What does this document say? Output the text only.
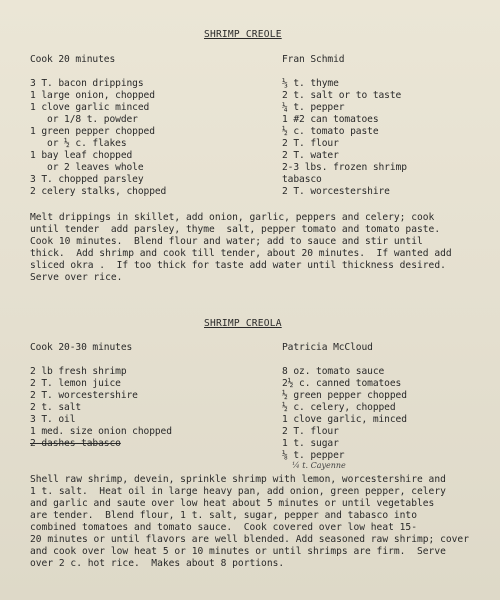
SHRIMP CREOLE
Cook 20 minutes	Fran Schmid
3 T. bacon drippings
1 large onion, chopped
1 clove garlic minced
or 1/8 t. powder
1 green pepper chopped
or ½ c. flakes
1 bay leaf chopped
or 2 leaves whole
3 T. chopped parsley
2 celery stalks, chopped
⅓ t. thyme
2 t. salt or to taste
¼ t. pepper
1 #2 can tomatoes
½ c. tomato paste
2 T. flour
2 T. water
2-3 lbs. frozen shrimp
tabasco
2 T. worcestershire
Melt drippings in skillet, add onion, garlic, peppers and celery; cook
until tender  add parsley, thyme  salt, pepper tomato and tomato paste.
Cook 10 minutes.  Blend flour and water; add to sauce and stir until
thick.  Add shrimp and cook till tender, about 20 minutes.  If wanted add
sliced okra .  If too thick for taste add water until thickness desired.
Serve over rice.
SHRIMP CREOLA
Cook 20-30 minutes	Patricia McCloud
2 lb fresh shrimp
2 T. lemon juice
2 T. worcestershire
2 t. salt
3 T. oil
1 med. size onion chopped
2 dashes tabasco
8 oz. tomato sauce
2½ c. canned tomatoes
½ green pepper chopped
½ c. celery, chopped
1 clove garlic, minced
2 T. flour
1 t. sugar
⅛ t. pepper
¼ t. Cayenne
Shell raw shrimp, devein, sprinkle shrimp with lemon, worcestershire and
1 t. salt.  Heat oil in large heavy pan, add onion, green pepper, celery
and garlic and saute over low heat about 5 minutes or until vegetables
are tender.  Blend flour, 1 t. salt, sugar, pepper and tabasco into
combined tomatoes and tomato sauce.  Cook covered over low heat 15-
20 minutes or until flavors are well blended. Add seasoned raw shrimp; cover
and cook over low heat 5 or 10 minutes or until shrimps are firm.  Serve
over 2 c. hot rice.  Makes about 8 portions.
